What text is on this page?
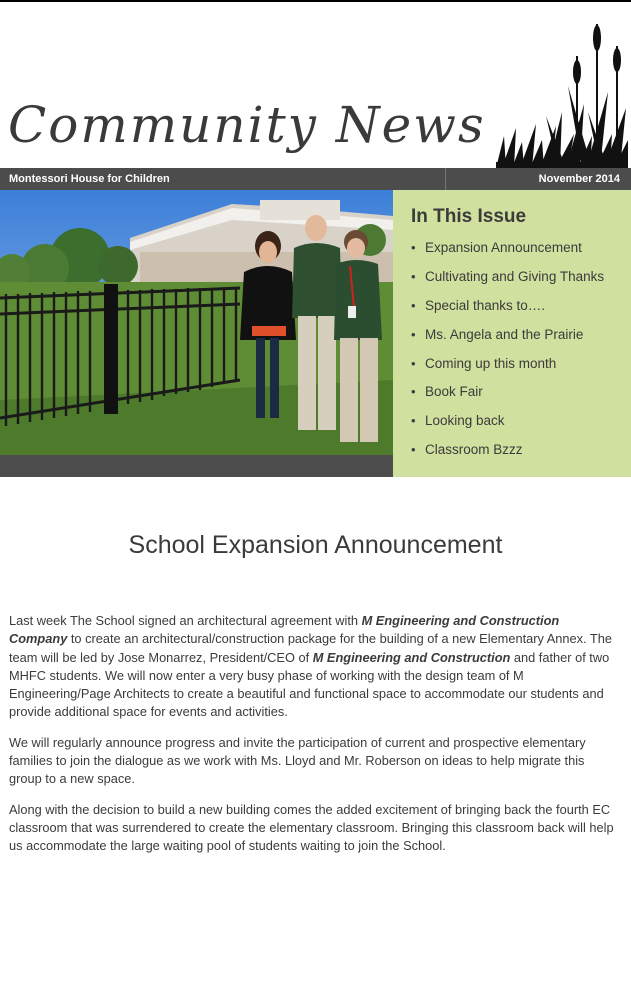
Community News
Montessori House for Children	November 2014
In This Issue
• Expansion Announcement
• Cultivating and Giving Thanks
• Special thanks to….
• Ms. Angela and the Prairie
• Coming up this month
• Book Fair
• Looking back
• Classroom Bzzz
School Expansion Announcement

Last week The School signed an architectural agreement with M Engineering and Construction Company to create an architectural/construction package for the building of a new Elementary Annex. The team will be led by Jose Monarrez, President/CEO of M Engineering and Construction and father of two MHFC students. We will now enter a very busy phase of working with the design team of M Engineering/Page Architects to create a beautiful and functional space to accommodate our students and provide additional space for events and activities.

We will regularly announce progress and invite the participation of current and prospective elementary families to join the dialogue as we work with Ms. Lloyd and Mr. Roberson on ideas to help migrate this group to a new space.

Along with the decision to build a new building comes the added excitement of bringing back the fourth EC classroom that was surrendered to create the elementary classroom. Bringing this classroom back will help us accommodate the large waiting pool of students waiting to join the School.
